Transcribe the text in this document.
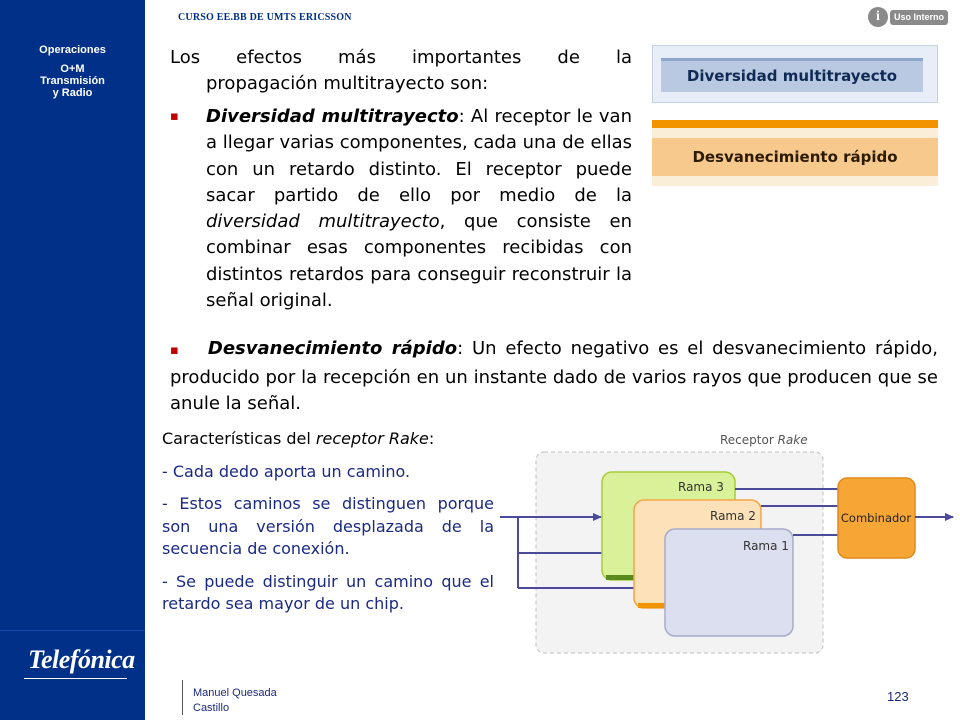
Operaciones
O+M
Transmisión
y Radio
Telefónica
CURSO EE.BB DE UMTS ERICSSON	i	Uso Interno
Los efectos más importantes de la
propagación multitrayecto son:
▪	Diversidad multitrayecto: Al receptor le van a llegar varias componentes, cada una de ellas con un retardo distinto. El receptor puede sacar partido de ello por medio de la diversidad multitrayecto, que consiste en combinar esas componentes recibidas con distintos retardos para conseguir reconstruir la señal original.
▪ Desvanecimiento rápido: Un efecto negativo es el desvanecimiento rápido, producido por la recepción en un instante dado de varios rayos que producen que se anule la señal.
Diversidad multitrayecto
Desvanecimiento rápido
Características del receptor Rake:
- Cada dedo aporta un camino.
- Estos caminos se distinguen porque son una versión desplazada de la secuencia de conexión.
- Se puede distinguir un camino que el retardo sea mayor de un chip.
Receptor Rake
Rama 3
Rama 2
Rama 1
Combinador
Manuel Quesada
Castillo
123
